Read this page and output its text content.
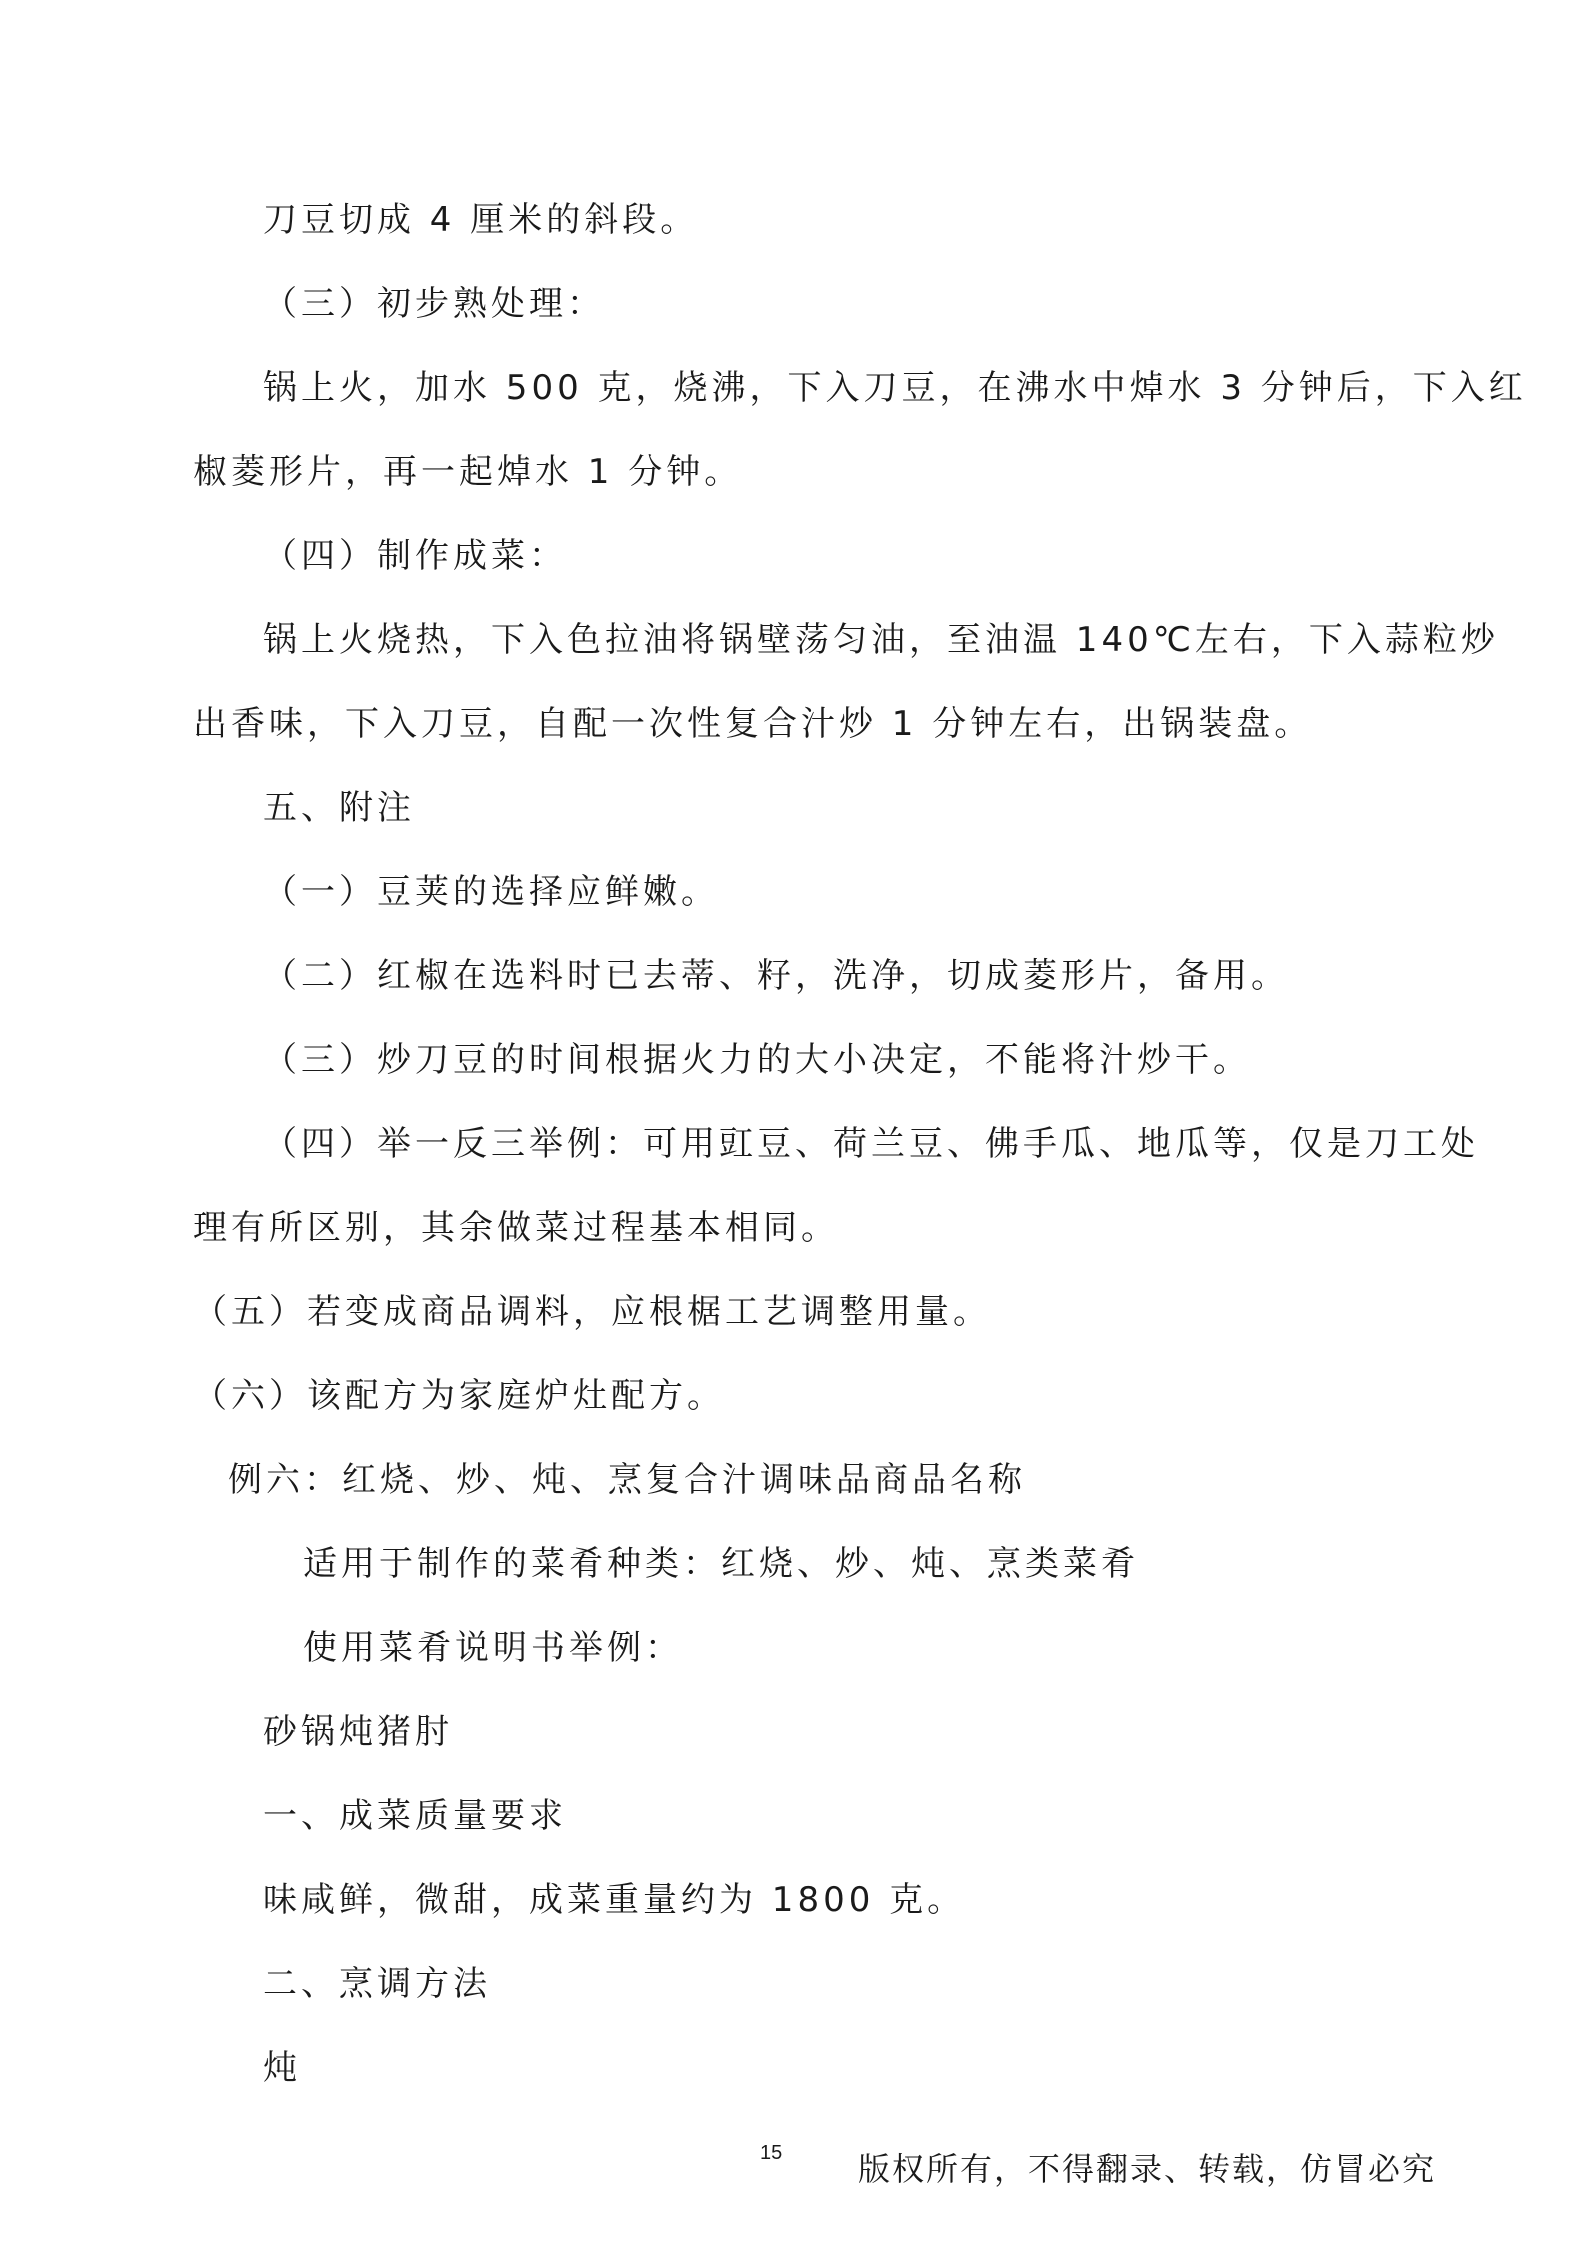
刀豆切成 4 厘米的斜段。
（三）初步熟处理：
锅上火，加水 500 克，烧沸，下入刀豆，在沸水中焯水 3 分钟后，下入红
椒菱形片，再一起焯水 1 分钟。
（四）制作成菜：
锅上火烧热，下入色拉油将锅壁荡匀油，至油温 140℃左右，下入蒜粒炒
出香味，下入刀豆，自配一次性复合汁炒 1 分钟左右，出锅装盘。
五、附注
（一）豆荚的选择应鲜嫩。
（二）红椒在选料时已去蒂、籽，洗净，切成菱形片，备用。
（三）炒刀豆的时间根据火力的大小决定，不能将汁炒干。
（四）举一反三举例：可用豇豆、荷兰豆、佛手瓜、地瓜等，仅是刀工处
理有所区别，其余做菜过程基本相同。
（五）若变成商品调料，应根椐工艺调整用量。
（六）该配方为家庭炉灶配方。
例六：红烧、炒、炖、烹复合汁调味品商品名称
适用于制作的菜肴种类：红烧、炒、炖、烹类菜肴
使用菜肴说明书举例：
砂锅炖猪肘
一、成菜质量要求
味咸鲜，微甜，成菜重量约为 1800 克。
二、烹调方法
炖
15 版权所有，不得翻录、转载，仿冒必究
